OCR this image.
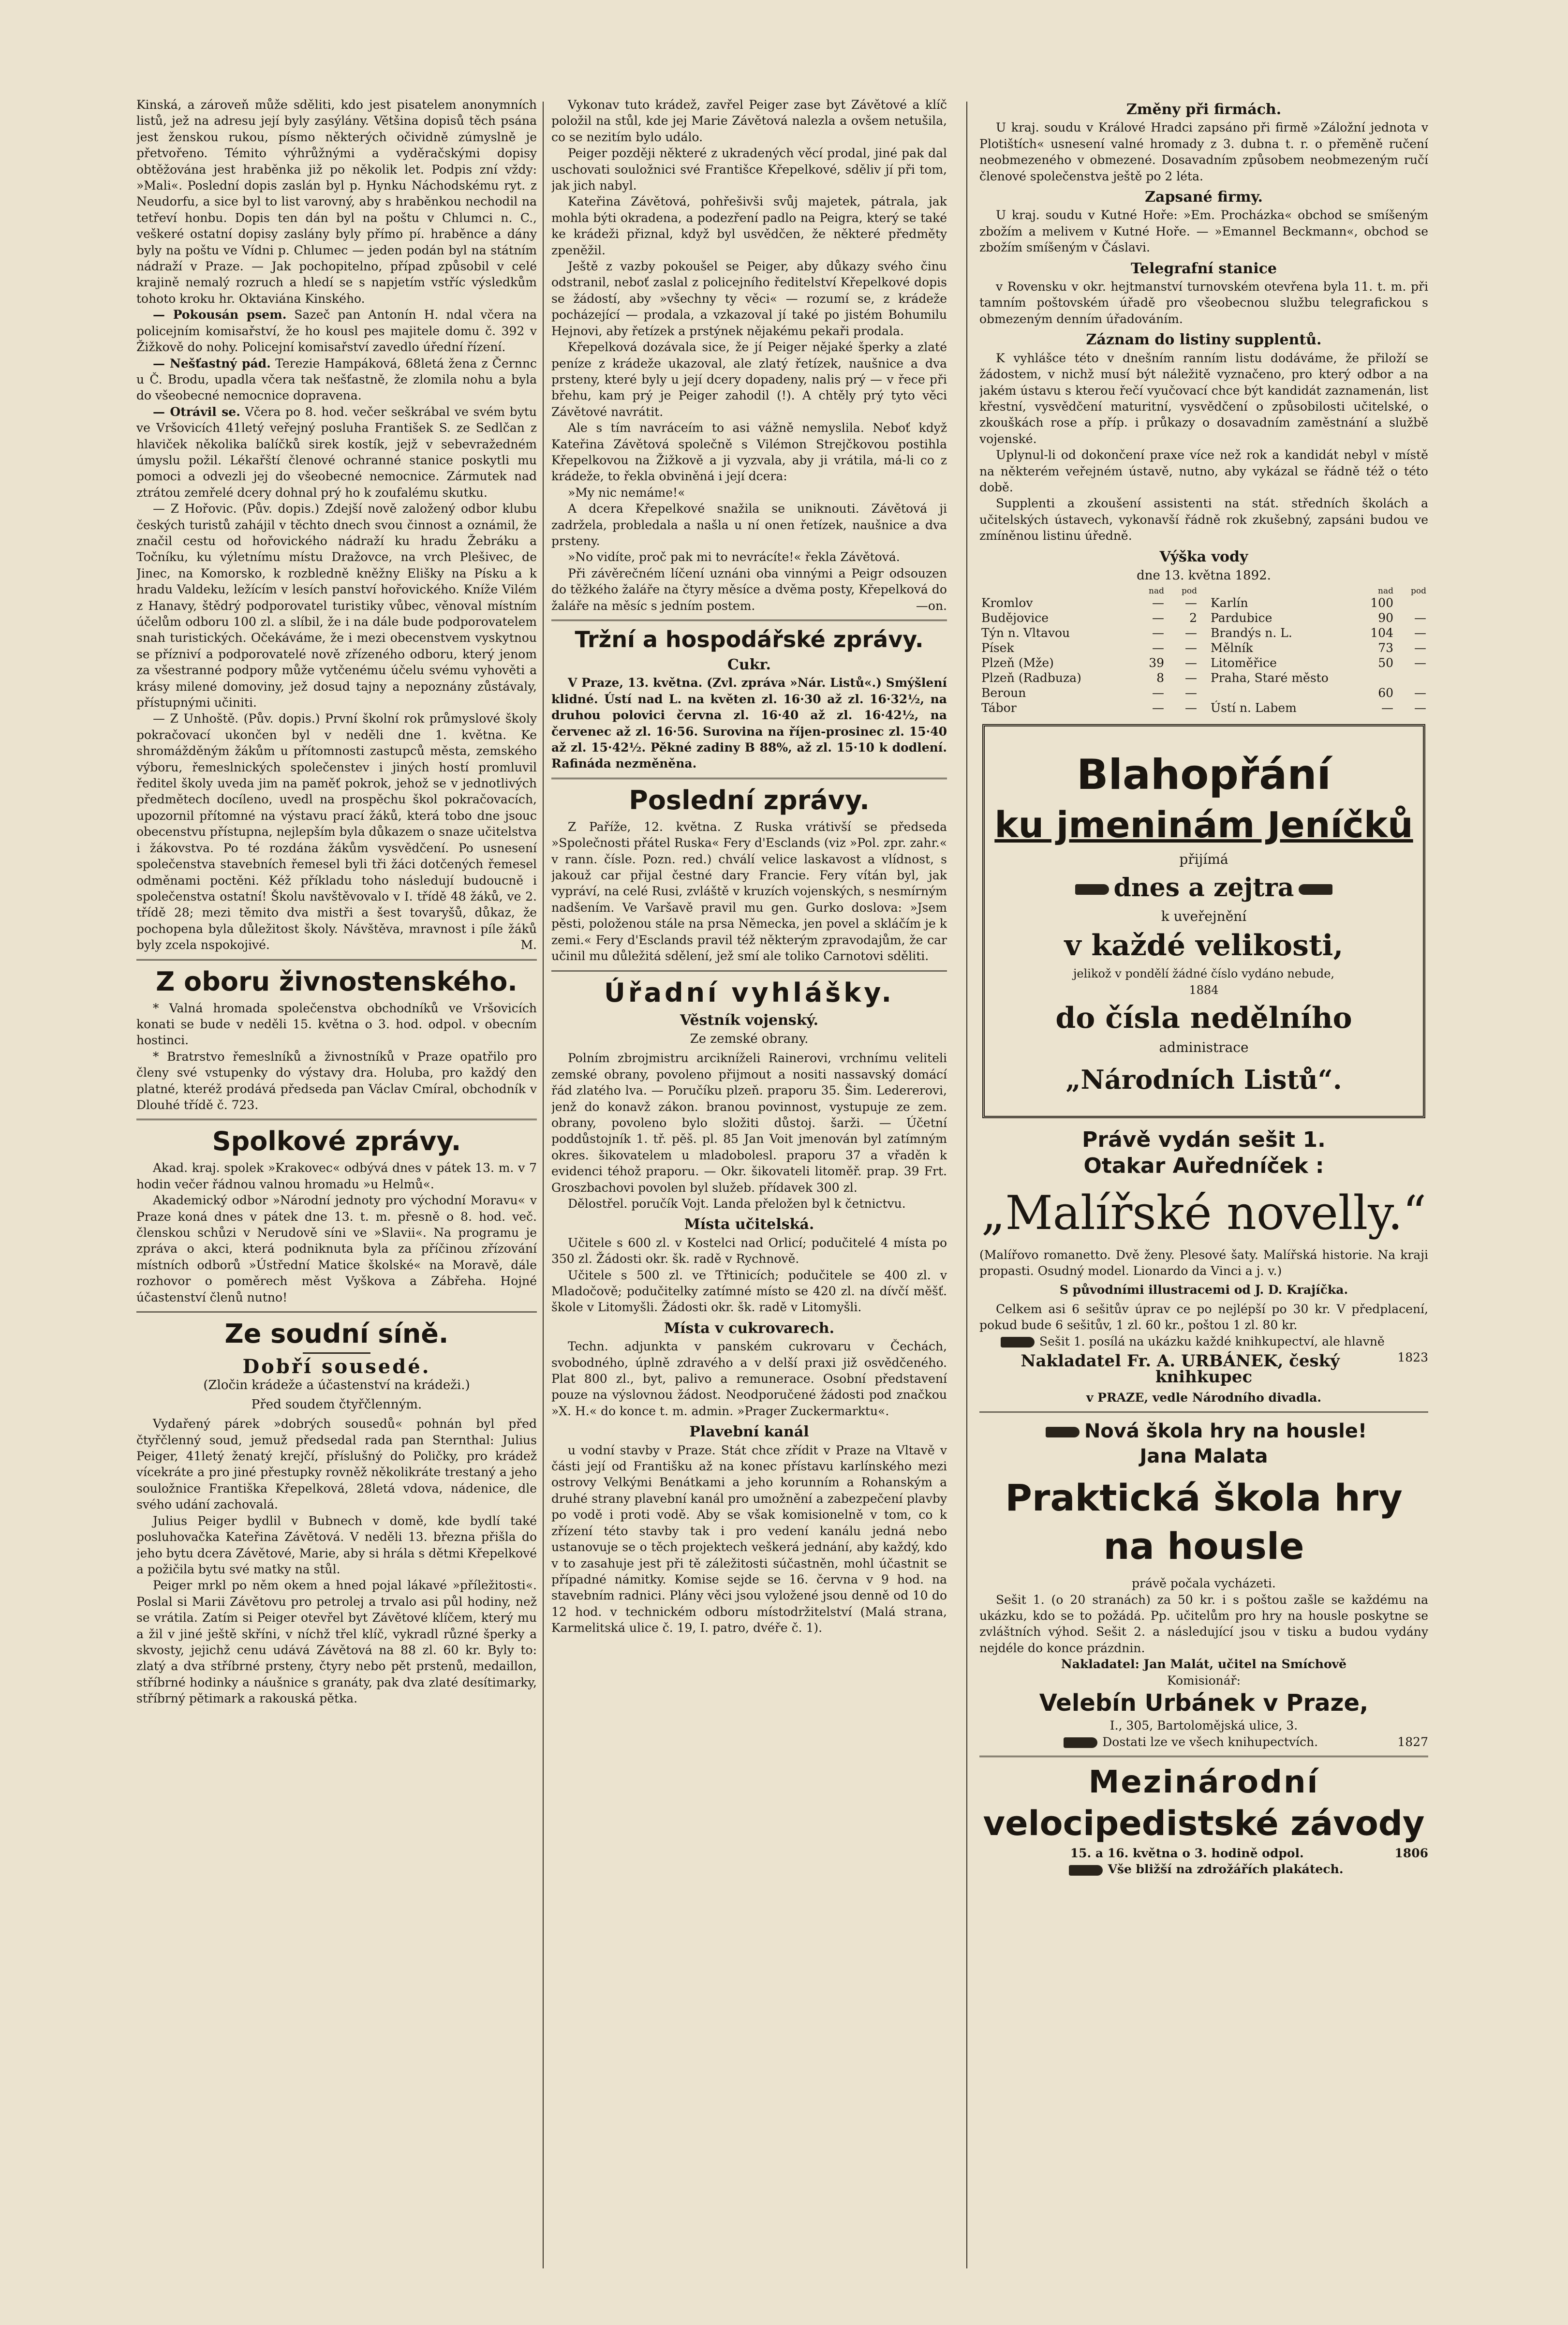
Kinská, a zároveň může sděliti, kdo jest pisatelem anonymních listů, jež na adresu její byly zasýlány. Většina dopisů těch psána jest ženskou rukou, písmo některých očividně zúmyslně je přetvořeno. Témito výhrůžnými a vyděračskými dopisy obtěžována jest hraběnka již po několik let. Podpis zní vždy: »Mali«. Poslední dopis zaslán byl p. Hynku Náchodskému ryt. z Neudorfu, a sice byl to list varovný, aby s hraběnkou nechodil na tetřeví honbu. Dopis ten dán byl na poštu v Chlumci n. C., veškeré ostatní dopisy zaslány byly přímo pí. hraběnce a dány byly na poštu ve Vídni p. Chlumec — jeden podán byl na státním nádraží v Praze. — Jak pochopitelno, případ způsobil v celé krajině nemalý rozruch a hledí se s napjetím vstříc výsledkům tohoto kroku hr. Oktaviána Kinského.

— Pokousán psem. Sazeč pan Antonín H. ndal včera na policejním komisařství, že ho kousl pes majitele domu č. 392 v Žižkově do nohy. Policejní komisařství zavedlo úřední řízení.

— Nešťastný pád. Terezie Hampáková, 68letá žena z Černnc u Č. Brodu, upadla včera tak nešťastně, že zlomila nohu a byla do všeobecné nemocnice dopravena.

— Otrávil se. Včera po 8. hod. večer seškrábal ve svém bytu ve Vršovicích 41letý veřejný posluha František S. ze Sedlčan z hlaviček několika balíčků sirek kostík, jejž v sebevražedném úmyslu požil. Lékařští členové ochranné stanice poskytli mu pomoci a odvezli jej do všeobecné nemocnice. Zármutek nad ztrátou zemřelé dcery dohnal prý ho k zoufalému skutku.

— Z Hořovic. (Pův. dopis.) Zdejší nově založený odbor klubu českých turistů zahájil v těchto dnech svou činnost a oznámil, že značil cestu od hořovického nádraží ku hradu Žebráku a Točníku, ku výletnímu místu Dražovce, na vrch Plešivec, de Jinec, na Komorsko, k rozbledně kněžny Elišky na Písku a k hradu Valdeku, ležícím v lesích panství hořovického. Kníže Vilém z Hanavy, štědrý podporovatel turistiky vůbec, věnoval místním účelům odboru 100 zl. a slíbil, že i na dále bude podporovatelem snah turistických. Očekáváme, že i mezi obecenstvem vyskytnou se přízniví a podporovatelé nově zřízeného odboru, který jenom za všestranné podpory může vytčenému účelu svému vyhověti a krásy milené domoviny, jež dosud tajny a nepoznány zůstávaly, přístupnými učiniti.

— Z Unhoště. (Pův. dopis.) První školní rok průmyslové školy pokračovací ukončen byl v neděli dne 1. května. Ke shromážděným žákům u přítomnosti zastupců města, zemského výboru, řemeslnických společenstev i jiných hostí promluvil ředitel školy uveda jim na paměť pokrok, jehož se v jednotlivých předmětech docíleno, uvedl na prospěchu škol pokračovacích, upozornil přítomné na výstavu prací žáků, která tobo dne jsouc obecenstvu přístupna, nejlepším byla důkazem o snaze učitelstva i žákovstva. Po té rozdána žákům vysvědčení. Po usnesení společenstva stavebních řemesel byli tři žáci dotčených řemesel odměnami poctěni. Kéž příkladu toho následují budoucně i společenstva ostatní! Školu navštěvovalo v I. třídě 48 žáků, ve 2. třídě 28; mezi těmito dva mistři a šest tovaryšů, důkaz, že pochopena byla důležitost školy. Návštěva, mravnost i píle žáků byly zcela nspokojivé.	M.

Z oboru živnostenského.

* Valná hromada společenstva obchodníků ve Vršovicích konati se bude v neděli 15. května o 3. hod. odpol. v obecním hostinci.

* Bratrstvo řemeslníků a živnostníků v Praze opatřilo pro členy své vstupenky do výstavy dra. Holuba, pro každý den platné, kteréž prodává předseda pan Václav Cmíral, obchodník v Dlouhé třídě č. 723.

Spolkové zprávy.

Akad. kraj. spolek »Krakovec« odbývá dnes v pátek 13. m. v 7 hodin večer řádnou valnou hromadu »u Helmů«.

Akademický odbor »Národní jednoty pro východní Moravu« v Praze koná dnes v pátek dne 13. t. m. přesně o 8. hod. več. členskou schůzi v Nerudově síni ve »Slavii«. Na programu je zpráva o akci, která podniknuta byla za příčinou zřízování místních odborů »Ústřední Matice školské« na Moravě, dále rozhovor o poměrech měst Vyškova a Zábřeha. Hojné účastenství členů nutno!

Ze soudní síně.
Dobří sousedé.
(Zločin krádeže a účastenství na krádeži.)
Před soudem čtyřčlenným.

Vydařený párek »dobrých sousedů« pohnán byl před čtyřčlenný soud, jemuž předsedal rada pan Sternthal: Julius Peiger, 41letý ženatý krejčí, příslušný do Poličky, pro krádež vícekráte a pro jiné přestupky rovněž několikráte trestaný a jeho souložnice Františka Křepelková, 28letá vdova, nádenice, dle svého udání zachovalá.

Julius Peiger bydlil v Bubnech v domě, kde bydlí také posluhovačka Kateřina Závětová. V neděli 13. března přišla do jeho bytu dcera Závětové, Marie, aby si hrála s dětmi Křepelkové a požičila bytu své matky na stůl.

Peiger mrkl po něm okem a hned pojal lákavé »příležitosti«. Poslal si Marii Závětovu pro petrolej a trvalo asi půl hodiny, než se vrátila. Zatím si Peiger otevřel byt Závětové klíčem, který mu a žil v jiné ještě skříni, v níchž třel klíč, vykradl různé šperky a skvosty, jejichž cenu udává Závětová na 88 zl. 60 kr. Byly to: zlatý a dva stříbrné prsteny, čtyry nebo pět prstenů, medaillon, stříbrné hodinky a náušnice s granáty, pak dva zlaté desítimarky, stříbrný pětimark a rakouská pětka.

Vykonav tuto krádež, zavřel Peiger zase byt Závětové a klíč položil na stůl, kde jej Marie Závětová nalezla a ovšem netušila, co se nezitím bylo událo.

Peiger později některé z ukradených věcí prodal, jiné pak dal uschovati souložnici své Františce Křepelkové, sděliv jí při tom, jak jich nabyl.

Kateřina Závětová, pohřešivši svůj majetek, pátrala, jak mohla býti okradena, a podezření padlo na Peigra, který se také ke krádeži přiznal, když byl usvědčen, že některé předměty zpeněžil.

Ještě z vazby pokoušel se Peiger, aby důkazy svého činu odstranil, neboť zaslal z policejního ředitelství Křepelkové dopis se žádostí, aby »všechny ty věci« — rozumí se, z krádeže pocházející — prodala, a vzkazoval jí také po jistém Bohumilu Hejnovi, aby řetízek a prstýnek nějakému pekaři prodala.

Křepelková dozávala sice, že jí Peiger nějaké šperky a zlaté peníze z krádeže ukazoval, ale zlatý řetízek, naušnice a dva prsteny, které byly u její dcery dopadeny, nalis prý — v řece při břehu, kam prý je Peiger zahodil (!). A chtěly prý tyto věci Závětové navrátit.

Ale s tím navráceím to asi vážně nemyslila. Neboť když Kateřina Závětová společně s Vilémon Strejčkovou postihla Křepelkovou na Žižkově a ji vyzvala, aby ji vrátila, má-li co z krádeže, to řekla obviněná i její dcera:

»My nic nemáme!«

A dcera Křepelkové snažila se uniknouti. Závětová ji zadržela, probledala a našla u ní onen řetízek, naušnice a dva prsteny.

»No vidíte, proč pak mi to nevrácíte!« řekla Závětová.

Při závěrečném líčení uznáni oba vinnými a Peigr odsouzen do těžkého žaláře na čtyry měsíce a dvěma posty, Křepelková do žaláře na měsíc s jedním postem.	—on.

Tržní a hospodářské zprávy.
Cukr.

V Praze, 13. května. (Zvl. zpráva »Nár. Listů«.) Smýšlení klidné. Ústí nad L. na květen zl. 16·30 až zl. 16·32½, na druhou polovici června zl. 16·40 až zl. 16·42½, na červenec až zl. 16·56. Surovina na říjen-prosinec zl. 15·40 až zl. 15·42½. Pěkné zadiny B 88%, až zl. 15·10 k dodlení. Rafináda nezměněna.

Poslední zprávy.

Z Paříže, 12. května. Z Ruska vrátivší se předseda »Společnosti přátel Ruska« Fery d'Esclands (viz »Pol. zpr. zahr.« v rann. čísle. Pozn. red.) chválí velice laskavost a vlídnost, s jakouž car přijal čestné dary Francie. Fery vítán byl, jak vypráví, na celé Rusi, zvláště v kruzích vojenských, s nesmírným nadšením. Ve Varšavě pravil mu gen. Gurko doslova: »Jsem pěsti, položenou stále na prsa Německa, jen povel a skláčím je k zemi.« Fery d'Esclands pravil též některým zpravodajům, že car učinil mu důležitá sdělení, jež smí ale toliko Carnotovi sděliti.

Úřadní vyhlášky.
Věstník vojenský.
Ze zemské obrany.

Polním zbrojmistru arcikníželi Rainerovi, vrchnímu veliteli zemské obrany, povoleno přijmout a nositi nassavský domácí řád zlatého lva. — Poručíku plzeň. praporu 35. Šim. Ledererovi, jenž do konavž zákon. branou povinnost, vystupuje ze zem. obrany, povoleno bylo složiti důstoj. šarži. — Účetní poddůstojník 1. tř. pěš. pl. 85 Jan Voit jmenován byl zatímným okres. šikovatelem u mladobolesl. praporu 37 a vřaděn k evidenci téhož praporu. — Okr. šikovateli litoměř. prap. 39 Frt. Groszbachovi povolen byl služeb. přídavek 300 zl.

Dělostřel. poručík Vojt. Landa přeložen byl k četnictvu.

Místa učitelská.

Učitele s 600 zl. v Kostelci nad Orlicí; podučitelé 4 místa po 350 zl. Žádosti okr. šk. radě v Rychnově.

Učitele s 500 zl. ve Třtinicích; podučitele se 400 zl. v Mladočově; podučitelky zatímné místo se 420 zl. na dívčí měšť. škole v Litomyšli. Žádosti okr. šk. radě v Litomyšli.

Místa v cukrovarech.

Techn. adjunkta v panském cukrovaru v Čechách, svobodného, úplně zdravého a v delší praxi již osvědčeného. Plat 800 zl., byt, palivo a remunerace. Osobní představení pouze na výslovnou žádost. Neodporučené žádosti pod značkou »X. H.« do konce t. m. admin. »Prager Zuckermarktu«.

Plavební kanál

u vodní stavby v Praze. Stát chce zřídit v Praze na Vltavě v části její od Františku až na konec přístavu karlínského mezi ostrovy Velkými Benátkami a jeho korunním a Rohanským a druhé strany plavební kanál pro umožnění a zabezpečení plavby po vodě i proti vodě. Aby se však komisionelně v tom, co k zřízení této stavby tak i pro vedení kanálu jedná nebo ustanovuje se o těch projektech veškerá jednání, aby každý, kdo v to zasahuje jest při tě záležitosti súčastněn, mohl účastnit se případné námitky. Komise sejde se 16. června v 9 hod. na stavebním radnici. Plány věci jsou vyložené jsou denně od 10 do 12 hod. v technickém odboru místodržitelství (Malá strana, Karmelitská ulice č. 19, I. patro, dvéře č. 1).

Změny při firmách.

U kraj. soudu v Králové Hradci zapsáno při firmě »Záložní jednota v Plotištích« usnesení valné hromady z 3. dubna t. r. o přeměně ručení neobmezeného v obmezené. Dosavadním způsobem neobmezeným ručí členové společenstva ještě po 2 léta.

Zapsané firmy.

U kraj. soudu v Kutné Hoře: »Em. Procházka« obchod se smíšeným zbožím a melivem v Kutné Hoře. — »Emannel Beckmann«, obchod se zbožím smíšeným v Čáslavi.

Telegrafní stanice

v Rovensku v okr. hejtmanství turnovském otevřena byla 11. t. m. při tamním poštovském úřadě pro všeobecnou službu telegrafickou s obmezeným denním úřadováním.

Záznam do listiny supplentů.

K vyhlášce této v dnešním ranním listu dodáváme, že přiloží se žádostem, v nichž musí být náležitě vyznačeno, pro který odbor a na jakém ústavu s kterou řečí vyučovací chce být kandidát zaznamenán, list křestní, vysvědčení maturitní, vysvědčení o způsobilosti učitelské, o zkouškách rose a příp. i průkazy o dosavadním zaměstnání a službě vojenské.

Uplynul-li od dokončení praxe více než rok a kandidát nebyl v místě na některém veřejném ústavě, nutno, aby vykázal se řádně též o této době.

Supplenti a zkoušení assistenti na stát. středních školách a učitelských ústavech, vykonavší řádně rok zkušebný, zapsáni budou ve zmíněnou listinu úředně.

Výška vody
dne 13. května 1892.
	nad	pod
Kromlov	—	—
Budějovice	—	2
Týn n. Vltavou	—	—
Písek	—	—
Plzeň (Mže)	39	—
Plzeň (Radbuza)	8	—
Beroun	—	—
Tábor	—	—
	nad	pod
Karlín	100	
Pardubice	90	—
Brandýs n. L.	104	—
Mělník	73	—
Litoměřice	50	—
Praha, Staré město		
	60	—
Ústí n. Labem	—	—
Blahopřání
ku jmeninám Jeníčků
přijímá
dnes a zejtra
k uveřejnění
v každé velikosti,
jelikož v pondělí žádné číslo vydáno nebude,
1884
do čísla nedělního
administrace
„Národních Listů“.
Právě vydán sešit 1.
Otakar Auředníček :
„Malířské novelly.“

(Malířovo romanetto. Dvě ženy. Plesové šaty. Malířská historie. Na kraji propasti. Osudný model. Lionardo da Vinci a j. v.)

S původními illustracemi od J. D. Krajíčka.

Celkem asi 6 sešitův úprav ce po nejlépší po 30 kr. V předplacení, pokud bude 6 sešitův, 1 zl. 60 kr., poštou 1 zl. 80 kr.

Sešit 1. posílá na ukázku každé knihkupectví, ale hlavně
1823

Nakladatel Fr. A. URBÁNEK, český knihkupec
v PRAZE, vedle Národního divadla.
Nová škola hry na housle!
Jana Malata
Praktická škola hry na housle
právě počala vycházeti.

Sešit 1. (o 20 stranách) za 50 kr. i s poštou zašle se každému na ukázku, kdo se to požádá. Pp. učitelům pro hry na housle poskytne se zvláštních výhod. Sešit 2. a následující jsou v tisku a budou vydány nejdéle do konce prázdnin.

Nakladatel: Jan Malát, učitel na Smíchově
Komisionář:
Velebín Urbánek v Praze,
I., 305, Bartolomějská ulice, 3.
Dostati lze ve všech knihupectvích.	1827
Mezinárodní
velocipedistské závody
15. a 16. května o 3. hodině odpol.	1806
Vše bližší na zdrožářích plakátech.
